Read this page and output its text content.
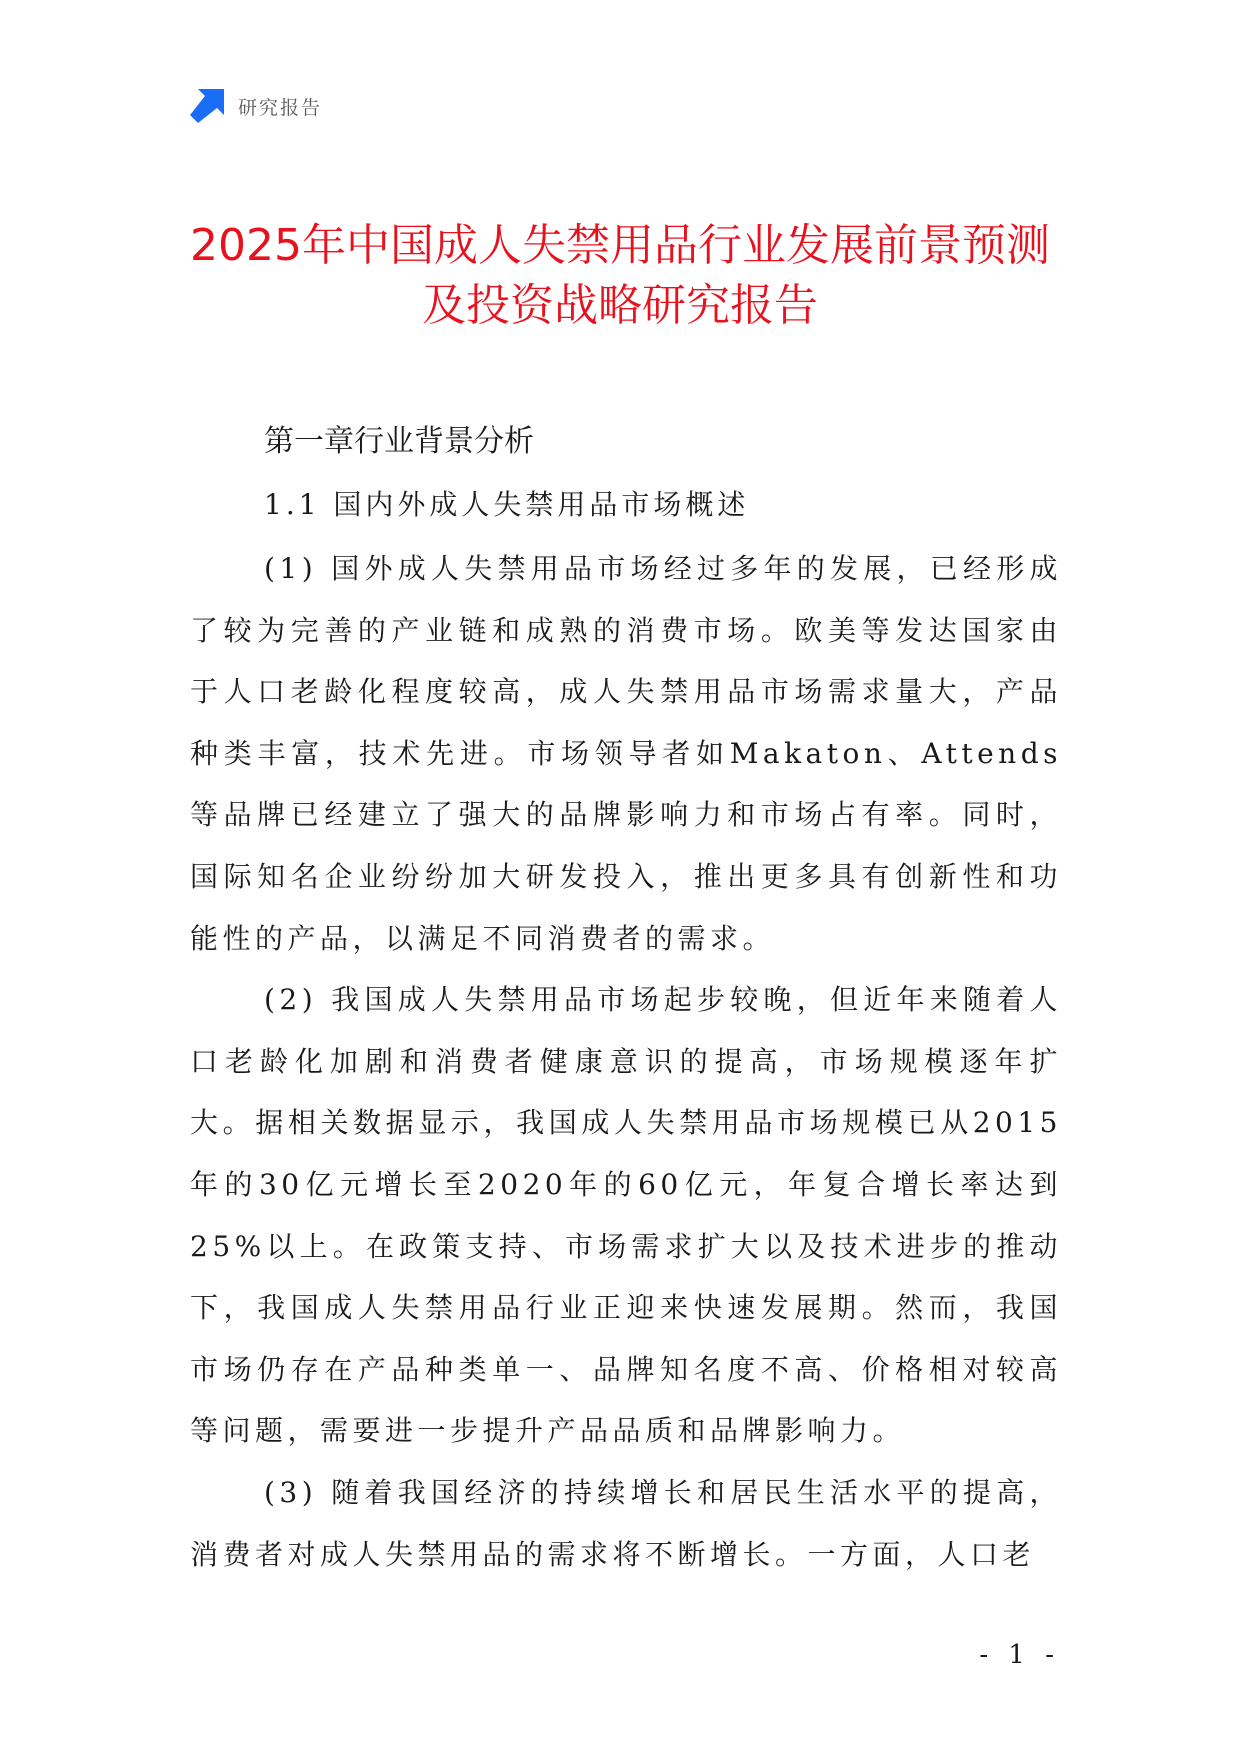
研究报告
2025年中国成人失禁用品行业发展前景预测及投资战略研究报告
第一章行业背景分析
1.1 国内外成人失禁用品市场概述

(1) 国外成人失禁用品市场经过多年的发展，已经形成了较为完善的产业链和成熟的消费市场。欧美等发达国家由于人口老龄化程度较高，成人失禁用品市场需求量大，产品种类丰富，技术先进。市场领导者如Makaton、Attends等品牌已经建立了强大的品牌影响力和市场占有率。同时，国际知名企业纷纷加大研发投入，推出更多具有创新性和功能性的产品，以满足不同消费者的需求。

(2) 我国成人失禁用品市场起步较晚，但近年来随着人口老龄化加剧和消费者健康意识的提高，市场规模逐年扩大。据相关数据显示，我国成人失禁用品市场规模已从2015年的30亿元增长至2020年的60亿元，年复合增长率达到25%以上。在政策支持、市场需求扩大以及技术进步的推动下，我国成人失禁用品行业正迎来快速发展期。然而，我国市场仍存在产品种类单一、品牌知名度不高、价格相对较高等问题，需要进一步提升产品品质和品牌影响力。

(3) 随着我国经济的持续增长和居民生活水平的提高，消费者对成人失禁用品的需求将不断增长。一方面，人口老

- 1 -
